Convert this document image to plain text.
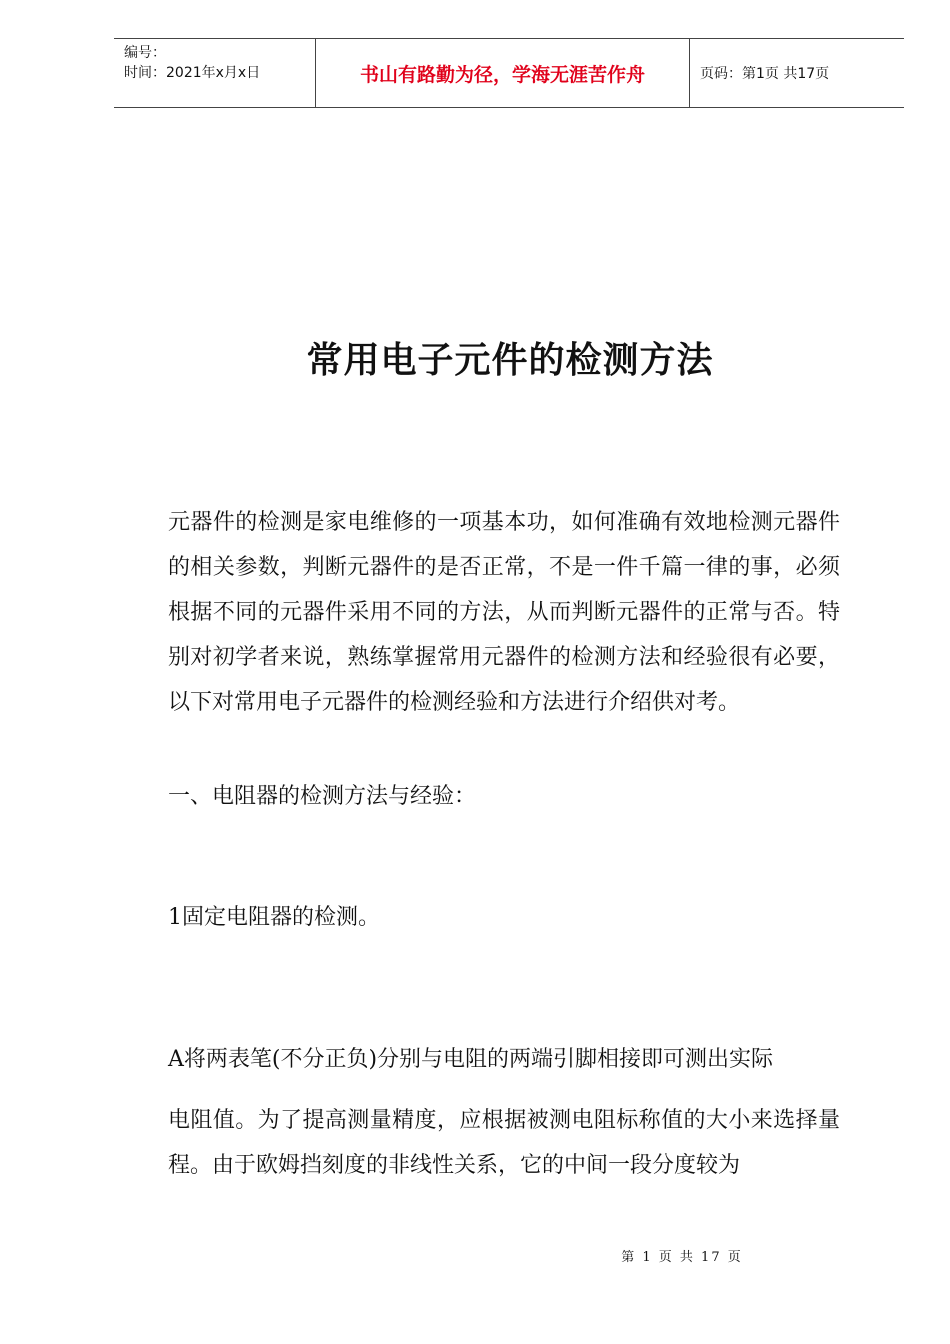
编号：
时间：2021年x月x日	书山有路勤为径，学海无涯苦作舟	页码：第1页 共17页
常用电子元件的检测方法
元器件的检测是家电维修的一项基本功，如何准确有效地检测元器件的相关参数，判断元器件的是否正常，不是一件千篇一律的事，必须根据不同的元器件采用不同的方法，从而判断元器件的正常与否。特别对初学者来说，熟练掌握常用元器件的检测方法和经验很有必要，以下对常用电子元器件的检测经验和方法进行介绍供对考。
一、电阻器的检测方法与经验：
1固定电阻器的检测。
A将两表笔(不分正负)分别与电阻的两端引脚相接即可测出实际
电阻值。为了提高测量精度，应根据被测电阻标称值的大小来选择量程。由于欧姆挡刻度的非线性关系，它的中间一段分度较为
第 1 页 共 17 页
